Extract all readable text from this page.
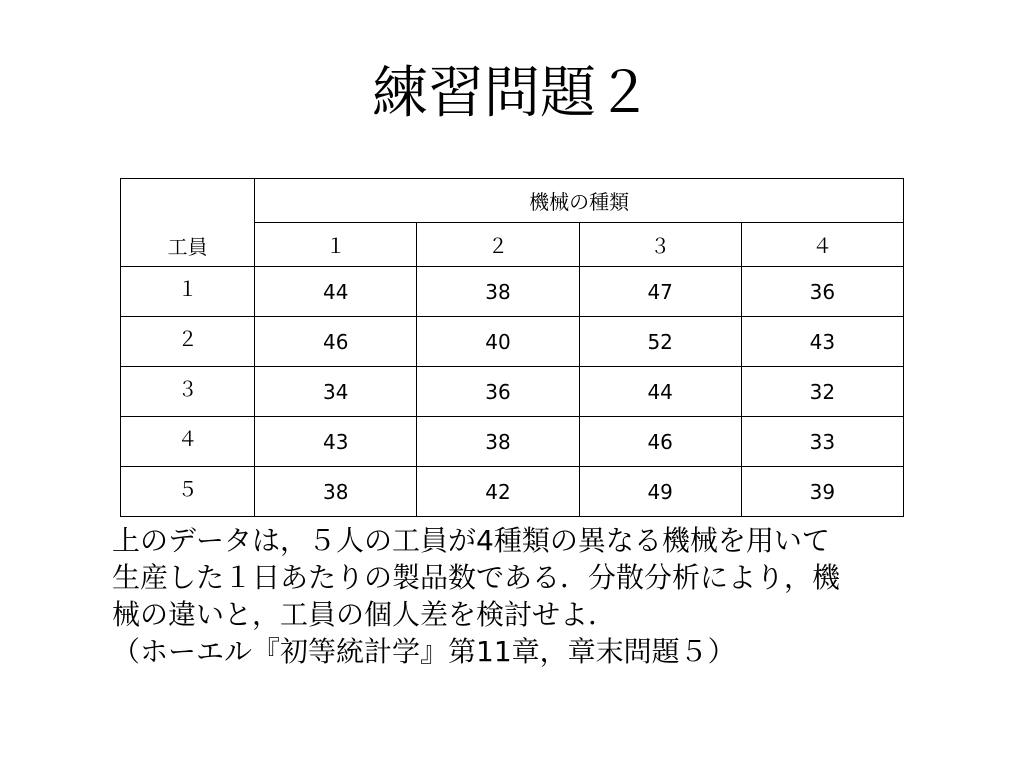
練習問題２
工員	機械の種類			
	１	２	３	４
１	44	38	47	36
２	46	40	52	43
３	34	36	44	32
４	43	38	46	33
５	38	42	49	39

上のデータは，５人の工員が4種類の異なる機械を用いて
生産した１日あたりの製品数である．分散分析により，機
械の違いと，工員の個人差を検討せよ．
（ホーエル『初等統計学』第11章，章末問題５）
